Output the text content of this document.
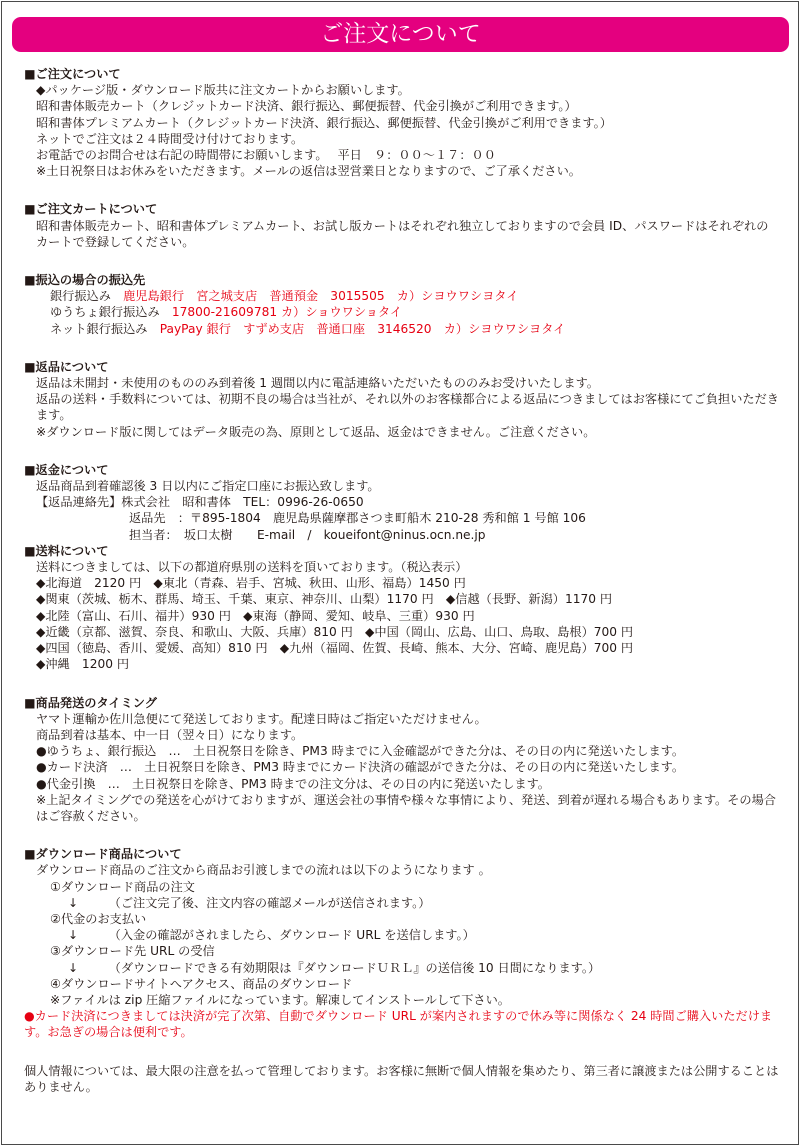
ご注文について

■ご注文について

◆パッケージ版・ダウンロード版共に注文カートからお願いします。

昭和書体販売カート（クレジットカード決済、銀行振込、郵便振替、代金引換がご利用できます。）

昭和書体プレミアムカート（クレジットカード決済、銀行振込、郵便振替、代金引換がご利用できます。）

ネットでご注文は２４時間受け付けております。

お電話でのお問合せは右記の時間帯にお願いします。　 平日　９：００～１７：００

※土日祝祭日はお休みをいただきます。メールの返信は翌営業日となりますので、ご了承ください。

■ご注文カートについて

昭和書体販売カート、昭和書体プレミアムカート、お試し版カートはそれぞれ独立しておりますので会員 ID、パスワードはそれぞれのカートで登録してください。

■振込の場合の振込先

銀行振込み　鹿児島銀行　宮之城支店　普通預金　3015505　カ）シヨウワシヨタイ

ゆうちょ銀行振込み　17800-21609781 カ）ショウワショタイ

ネット銀行振込み　PayPay 銀行　すずめ支店　普通口座　3146520　カ）シヨウワシヨタイ

■返品について

返品は未開封・未使用のもののみ到着後 1 週間以内に電話連絡いただいたもののみお受けいたします。

返品の送料・手数料については、初期不良の場合は当社が、それ以外のお客様都合による返品につきましてはお客様にてご負担いただきます。

※ダウンロード版に関してはデータ販売の為、原則として返品、返金はできません。ご注意ください。

■返金について

返品商品到着確認後 3 日以内にご指定口座にお振込致します。

【返品連絡先】株式会社　昭和書体　TEL：0996-26-0650

返品先　：〒895-1804　鹿児島県薩摩郡さつま町船木 210-28 秀和館 1 号館 106

担当者：　坂口太樹　　E-mail　/　koueifont@ninus.ocn.ne.jp

■送料について

送料につきましては、以下の都道府県別の送料を頂いております。（税込表示）

◆北海道　2120 円　◆東北（青森、岩手、宮城、秋田、山形、福島）1450 円

◆関東（茨城、栃木、群馬、埼玉、千葉、東京、神奈川、山梨）1170 円　◆信越（長野、新潟）1170 円

◆北陸（富山、石川、福井）930 円　◆東海（静岡、愛知、岐阜、三重）930 円

◆近畿（京都、滋賀、奈良、和歌山、大阪、兵庫）810 円　◆中国（岡山、広島、山口、鳥取、島根）700 円

◆四国（徳島、香川、愛媛、高知）810 円　◆九州（福岡、佐賀、長崎、熊本、大分、宮崎、鹿児島）700 円

◆沖縄　1200 円

■商品発送のタイミング

ヤマト運輸か佐川急便にて発送しております。配達日時はご指定いただけません。

商品到着は基本、中一日（翌々日）になります。

●ゆうちょ、銀行振込　…　土日祝祭日を除き、PM3 時までに入金確認ができた分は、その日の内に発送いたします。

●カード決済　…　土日祝祭日を除き、PM3 時までにカード決済の確認ができた分は、その日の内に発送いたします。

●代金引換　…　土日祝祭日を除き、PM3 時までの注文分は、その日の内に発送いたします。

※上記タイミングでの発送を心がけておりますが、運送会社の事情や様々な事情により、発送、到着が遅れる場合もあります。その場合はご容赦ください。

■ダウンロード商品について

ダウンロード商品のご注文から商品お引渡しまでの流れは以下のようになります 。

①ダウンロード商品の注文

↓　　　（ご注文完了後、注文内容の確認メールが送信されます。）

②代金のお支払い

↓　　　（入金の確認がされましたら、ダウンロード URL を送信します。）

③ダウンロード先 URL の受信

↓　　　（ダウンロードできる有効期限は『ダウンロードＵＲＬ』の送信後 10 日間になります。）

④ダウンロードサイトへアクセス、商品のダウンロード

※ファイルは zip 圧縮ファイルになっています。解凍してインストールして下さい。

●カード決済につきましては決済が完了次第、自動でダウンロード URL が案内されますので休み等に関係なく 24 時間ご購入いただけます。お急ぎの場合は便利です。

個人情報については、最大限の注意を払って管理しております。お客様に無断で個人情報を集めたり、第三者に譲渡または公開することはありません。
